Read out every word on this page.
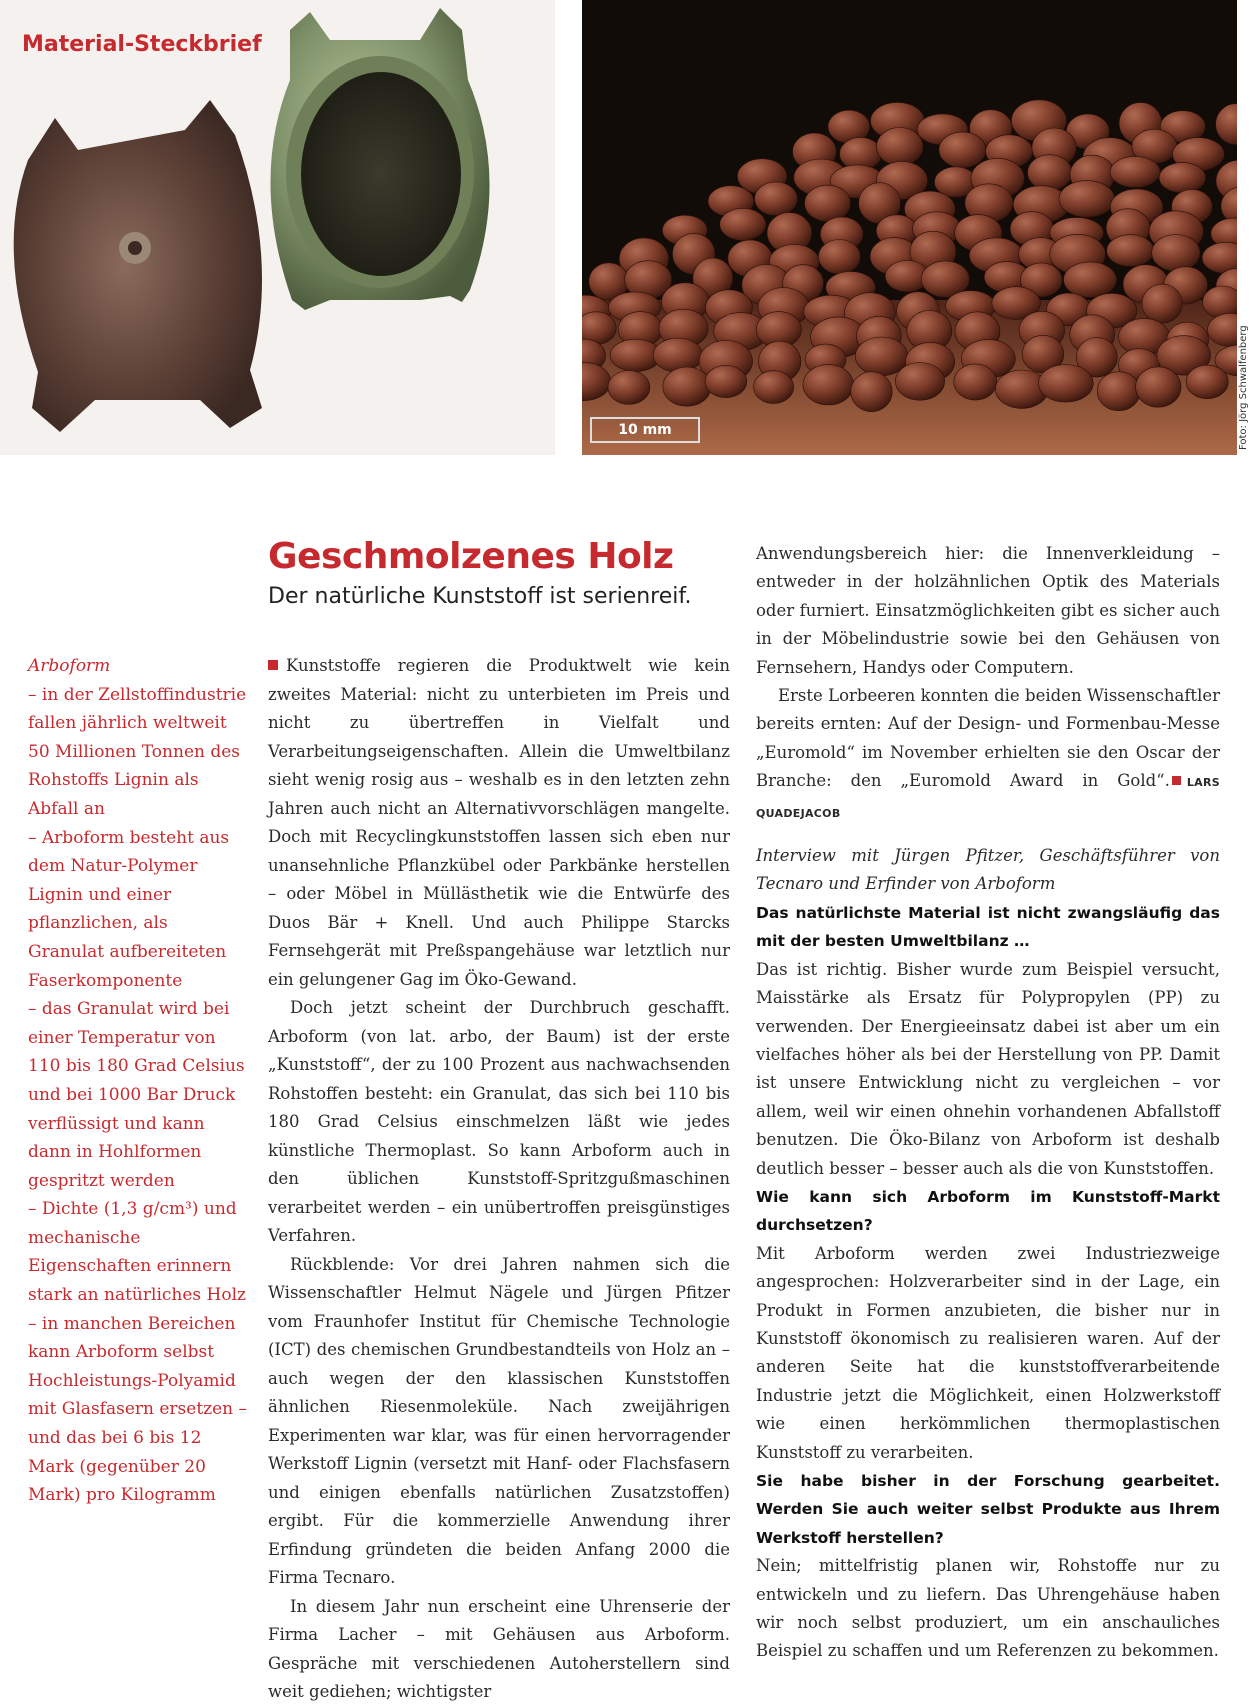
Material-Steckbrief
10 mm	Foto: Jörg Schwalfenberg
Geschmolzenes Holz
Der natürliche Kunststoff ist serienreif.

Arboform

– in der Zellstoffindustrie fallen jährlich weltweit 50 Millionen Tonnen des Rohstoffs Lignin als Abfall an

– Arboform besteht aus dem Natur-Polymer Lignin und einer pflanzlichen, als Granulat aufbereiteten Faserkomponente

– das Granulat wird bei einer Temperatur von 110 bis 180 Grad Celsius und bei 1000 Bar Druck verflüssigt und kann dann in Hohlformen gespritzt werden

– Dichte (1,3 g/cm³) und mechanische Eigenschaften erinnern stark an natürliches Holz

– in manchen Bereichen kann Arboform selbst Hochleistungs-Polyamid mit Glasfasern ersetzen – und das bei 6 bis 12 Mark (gegenüber 20 Mark) pro Kilogramm

Kunststoffe regieren die Produktwelt wie kein zweites Material: nicht zu unterbieten im Preis und nicht zu übertreffen in Vielfalt und Verarbeitungseigenschaften. Allein die Umweltbilanz sieht wenig rosig aus – weshalb es in den letzten zehn Jahren auch nicht an Alternativvorschlägen mangelte. Doch mit Recyclingkunststoffen lassen sich eben nur unansehnliche Pflanzkübel oder Parkbänke herstellen – oder Möbel in Müllästhetik wie die Entwürfe des Duos Bär + Knell. Und auch Philippe Starcks Fernsehgerät mit Preßspangehäuse war letztlich nur ein gelungener Gag im Öko-Gewand.

Doch jetzt scheint der Durchbruch geschafft. Arboform (von lat. arbo, der Baum) ist der erste „Kunststoff“, der zu 100 Prozent aus nachwachsenden Rohstoffen besteht: ein Granulat, das sich bei 110 bis 180 Grad Celsius einschmelzen läßt wie jedes künstliche Thermoplast. So kann Arboform auch in den üblichen Kunststoff-Spritzgußmaschinen verarbeitet werden – ein unübertroffen preisgünstiges Verfahren.

Rückblende: Vor drei Jahren nahmen sich die Wissenschaftler Helmut Nägele und Jürgen Pfitzer vom Fraunhofer Institut für Chemische Technologie (ICT) des chemischen Grundbestandteils von Holz an – auch wegen der den klassischen Kunststoffen ähnlichen Riesenmoleküle. Nach zweijährigen Experimenten war klar, was für einen hervorragender Werkstoff Lignin (versetzt mit Hanf- oder Flachsfasern und einigen ebenfalls natürlichen Zusatzstoffen) ergibt. Für die kommerzielle Anwendung ihrer Erfindung gründeten die beiden Anfang 2000 die Firma Tecnaro.

In diesem Jahr nun erscheint eine Uhrenserie der Firma Lacher – mit Gehäusen aus Arboform. Gespräche mit verschiedenen Autoherstellern sind weit gediehen; wichtigster

Anwendungsbereich hier: die Innenverkleidung – entweder in der holzähnlichen Optik des Materials oder furniert. Einsatzmöglichkeiten gibt es sicher auch in der Möbelindustrie sowie bei den Gehäusen von Fernsehern, Handys oder Computern.

Erste Lorbeeren konnten die beiden Wissenschaftler bereits ernten: Auf der Design- und Formenbau-Messe „Euromold“ im November erhielten sie den Oscar der Branche: den „Euromold Award in Gold“. LARS QUADEJACOB

Interview mit Jürgen Pfitzer, Geschäftsführer von Tecnaro und Erfinder von Arboform

Das natürlichste Material ist nicht zwangsläufig das mit der besten Umweltbilanz …

Das ist richtig. Bisher wurde zum Beispiel versucht, Maisstärke als Ersatz für Polypropylen (PP) zu verwenden. Der Energieeinsatz dabei ist aber um ein vielfaches höher als bei der Herstellung von PP. Damit ist unsere Entwicklung nicht zu vergleichen – vor allem, weil wir einen ohnehin vorhandenen Abfallstoff benutzen. Die Öko-Bilanz von Arboform ist deshalb deutlich besser – besser auch als die von Kunststoffen.

Wie kann sich Arboform im Kunststoff-Markt durchsetzen?

Mit Arboform werden zwei Industriezweige angesprochen: Holzverarbeiter sind in der Lage, ein Produkt in Formen anzubieten, die bisher nur in Kunststoff ökonomisch zu realisieren waren. Auf der anderen Seite hat die kunststoffverarbeitende Industrie jetzt die Möglichkeit, einen Holzwerkstoff wie einen herkömmlichen thermoplastischen Kunststoff zu verarbeiten.

Sie habe bisher in der Forschung gearbeitet. Werden Sie auch weiter selbst Produkte aus Ihrem Werkstoff herstellen?

Nein; mittelfristig planen wir, Rohstoffe nur zu entwickeln und zu liefern. Das Uhrengehäuse haben wir noch selbst produziert, um ein anschauliches Beispiel zu schaffen und um Referenzen zu bekommen.
